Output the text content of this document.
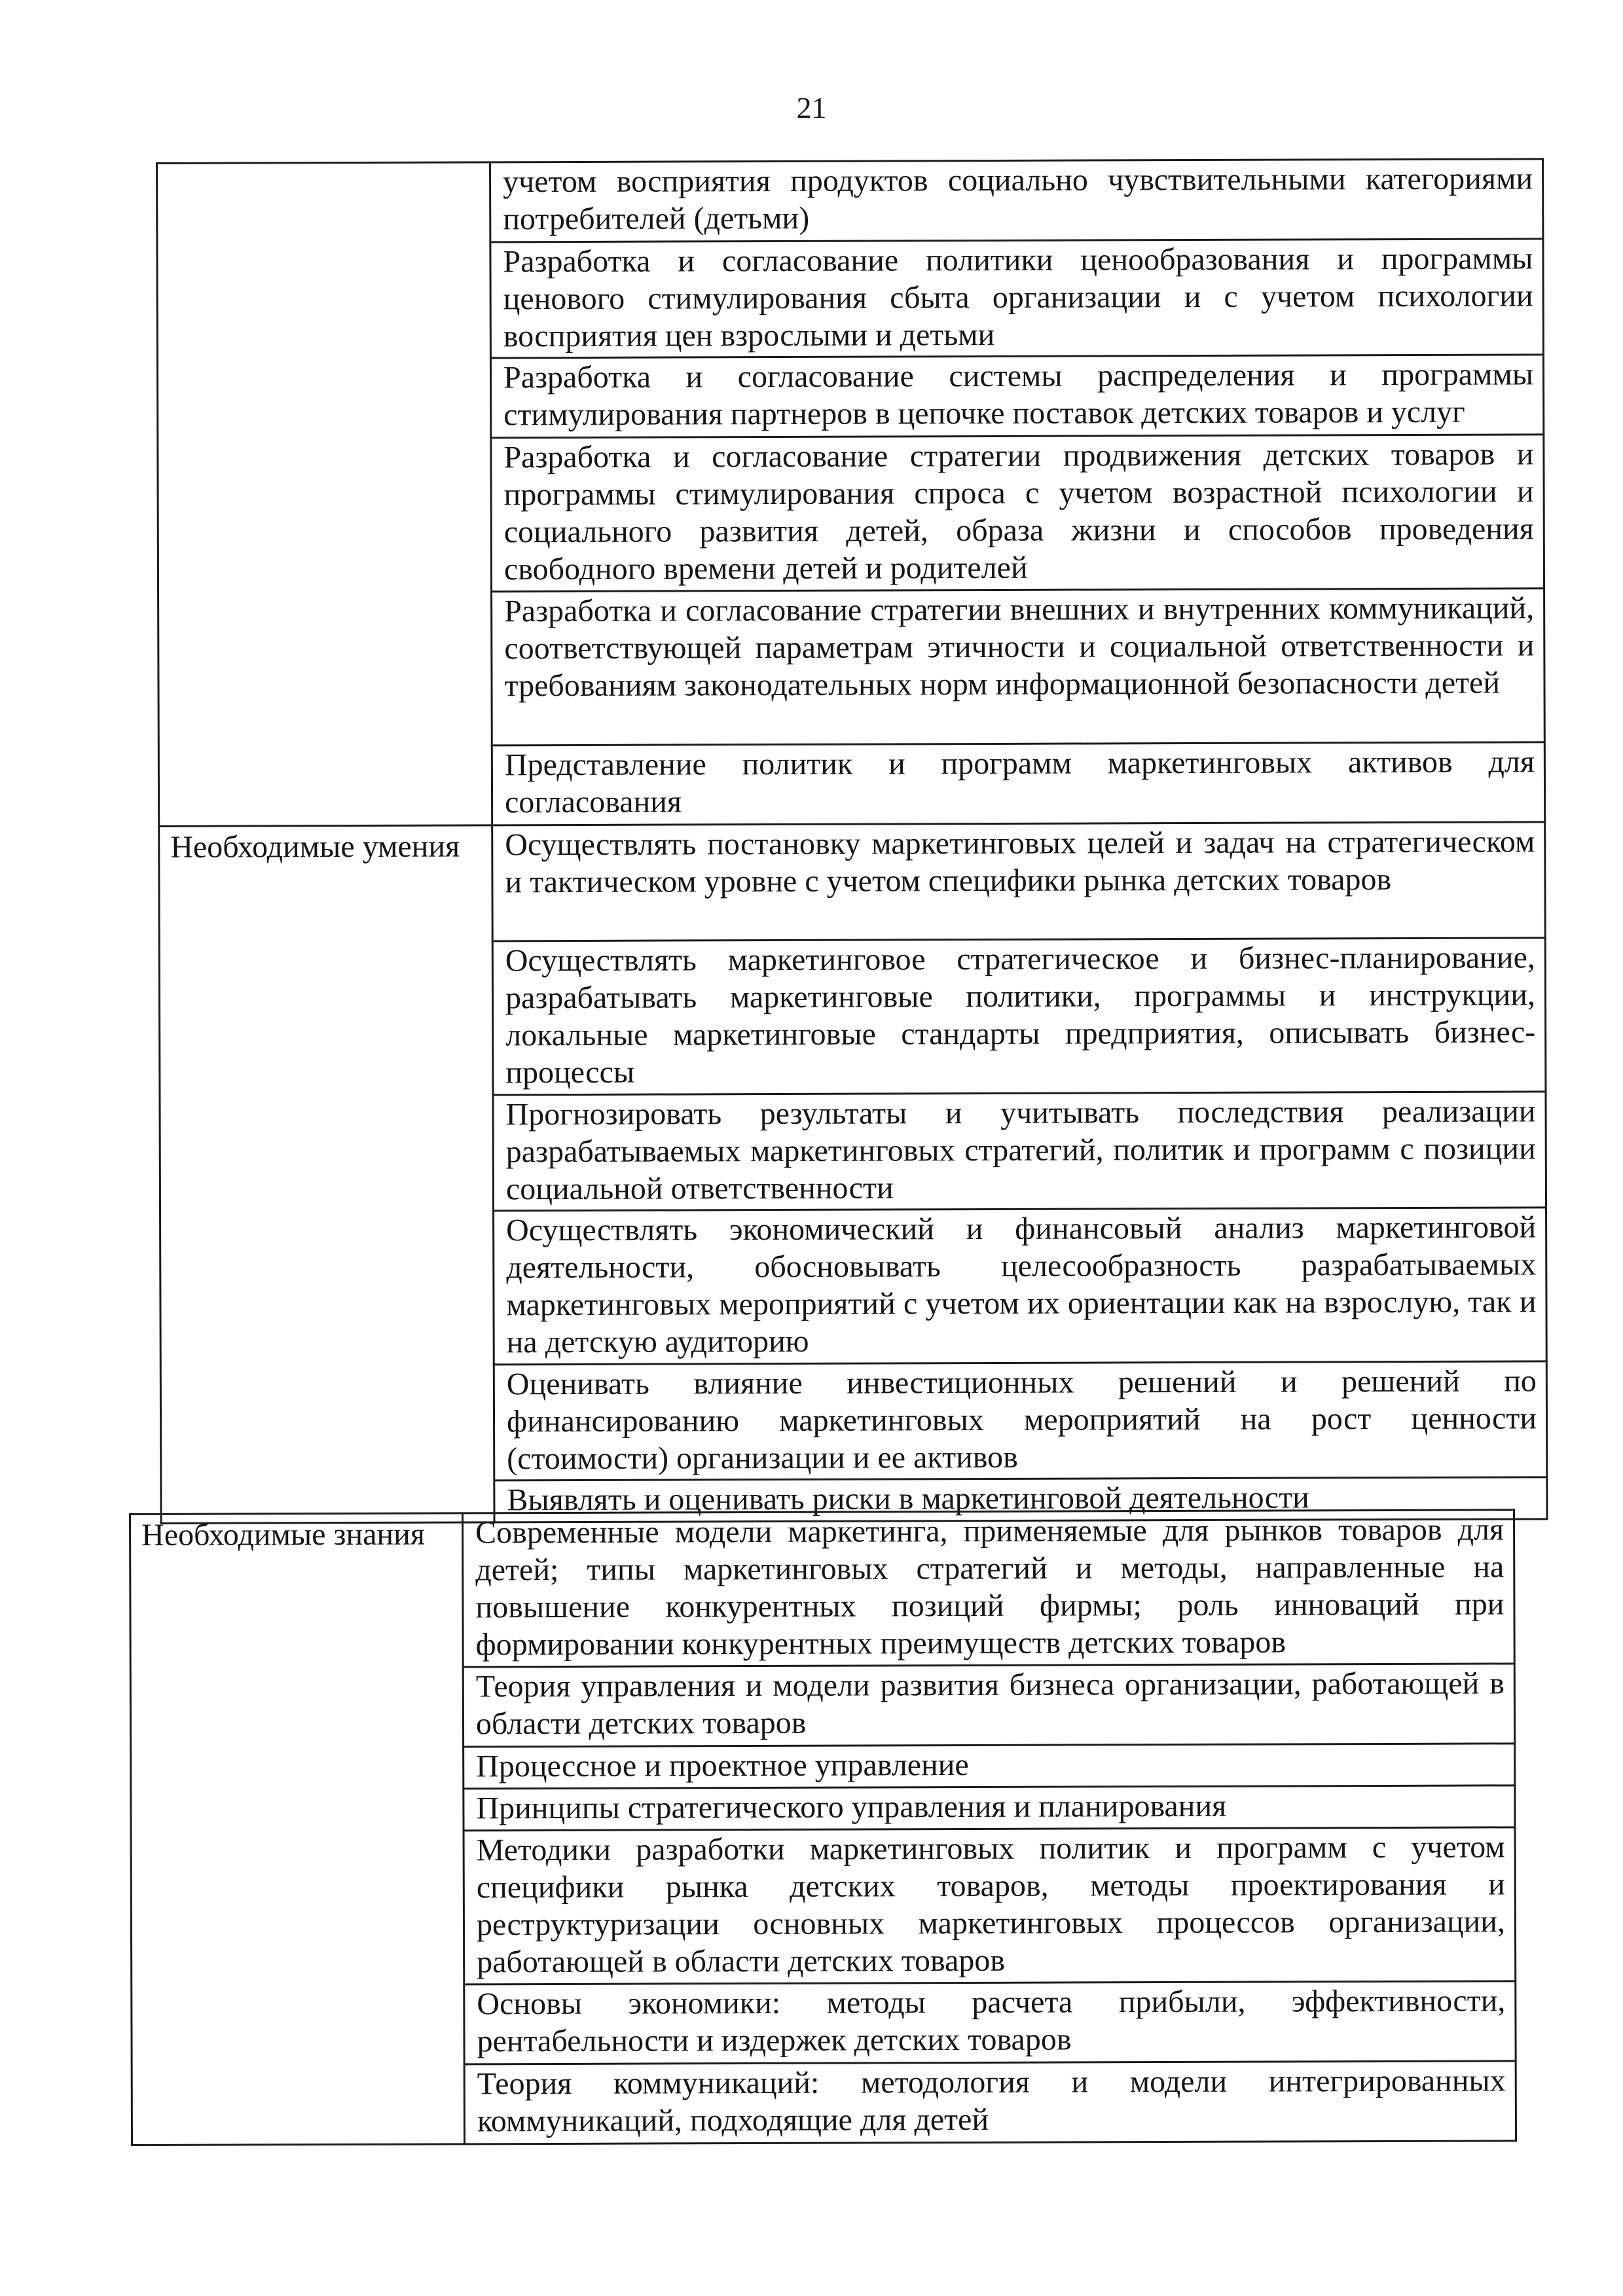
21
	учетом восприятия продуктов социально чувствительными категориями потребителей (детьми)
	Разработка и согласование политики ценообразования и программы ценового стимулирования сбыта организации и с учетом психологии восприятия цен взрослыми и детьми
	Разработка и согласование системы распределения и программы стимулирования партнеров в цепочке поставок детских товаров и услуг
	Разработка и согласование стратегии продвижения детских товаров и программы стимулирования спроса с учетом возрастной психологии и социального развития детей, образа жизни и способов проведения свободного времени детей и родителей
	Разработка и согласование стратегии внешних и внутренних коммуникаций, соответствующей параметрам этичности и социальной ответственности и требованиям законодательных норм информационной безопасности детей
	Представление политик и программ маркетинговых активов для согласования
Необходимые умения	Осуществлять постановку маркетинговых целей и задач на стратегическом и тактическом уровне с учетом специфики рынка детских товаров
	Осуществлять маркетинговое стратегическое и бизнес-планирование, разрабатывать маркетинговые политики, программы и инструкции, локальные маркетинговые стандарты предприятия, описывать бизнес-процессы
	Прогнозировать результаты и учитывать последствия реализации разрабатываемых маркетинговых стратегий, политик и программ с позиции социальной ответственности
	Осуществлять экономический и финансовый анализ маркетинговой деятельности, обосновывать целесообразность разрабатываемых маркетинговых мероприятий с учетом их ориентации как на взрослую, так и на детскую аудиторию
	Оценивать влияние инвестиционных решений и решений по финансированию маркетинговых мероприятий на рост ценности (стоимости) организации и ее активов
	Выявлять и оценивать риски в маркетинговой деятельности
Необходимые знания	Современные модели маркетинга, применяемые для рынков товаров для детей; типы маркетинговых стратегий и методы, направленные на повышение конкурентных позиций фирмы; роль инноваций при формировании конкурентных преимуществ детских товаров
Теория управления и модели развития бизнеса организации, работающей в области детских товаров
Процессное и проектное управление
Принципы стратегического управления и планирования
Методики разработки маркетинговых политик и программ с учетом специфики рынка детских товаров, методы проектирования и реструктуризации основных маркетинговых процессов организации, работающей в области детских товаров
Основы экономики: методы расчета прибыли, эффективности, рентабельности и издержек детских товаров
Теория коммуникаций: методология и модели интегрированных коммуникаций, подходящие для детей
